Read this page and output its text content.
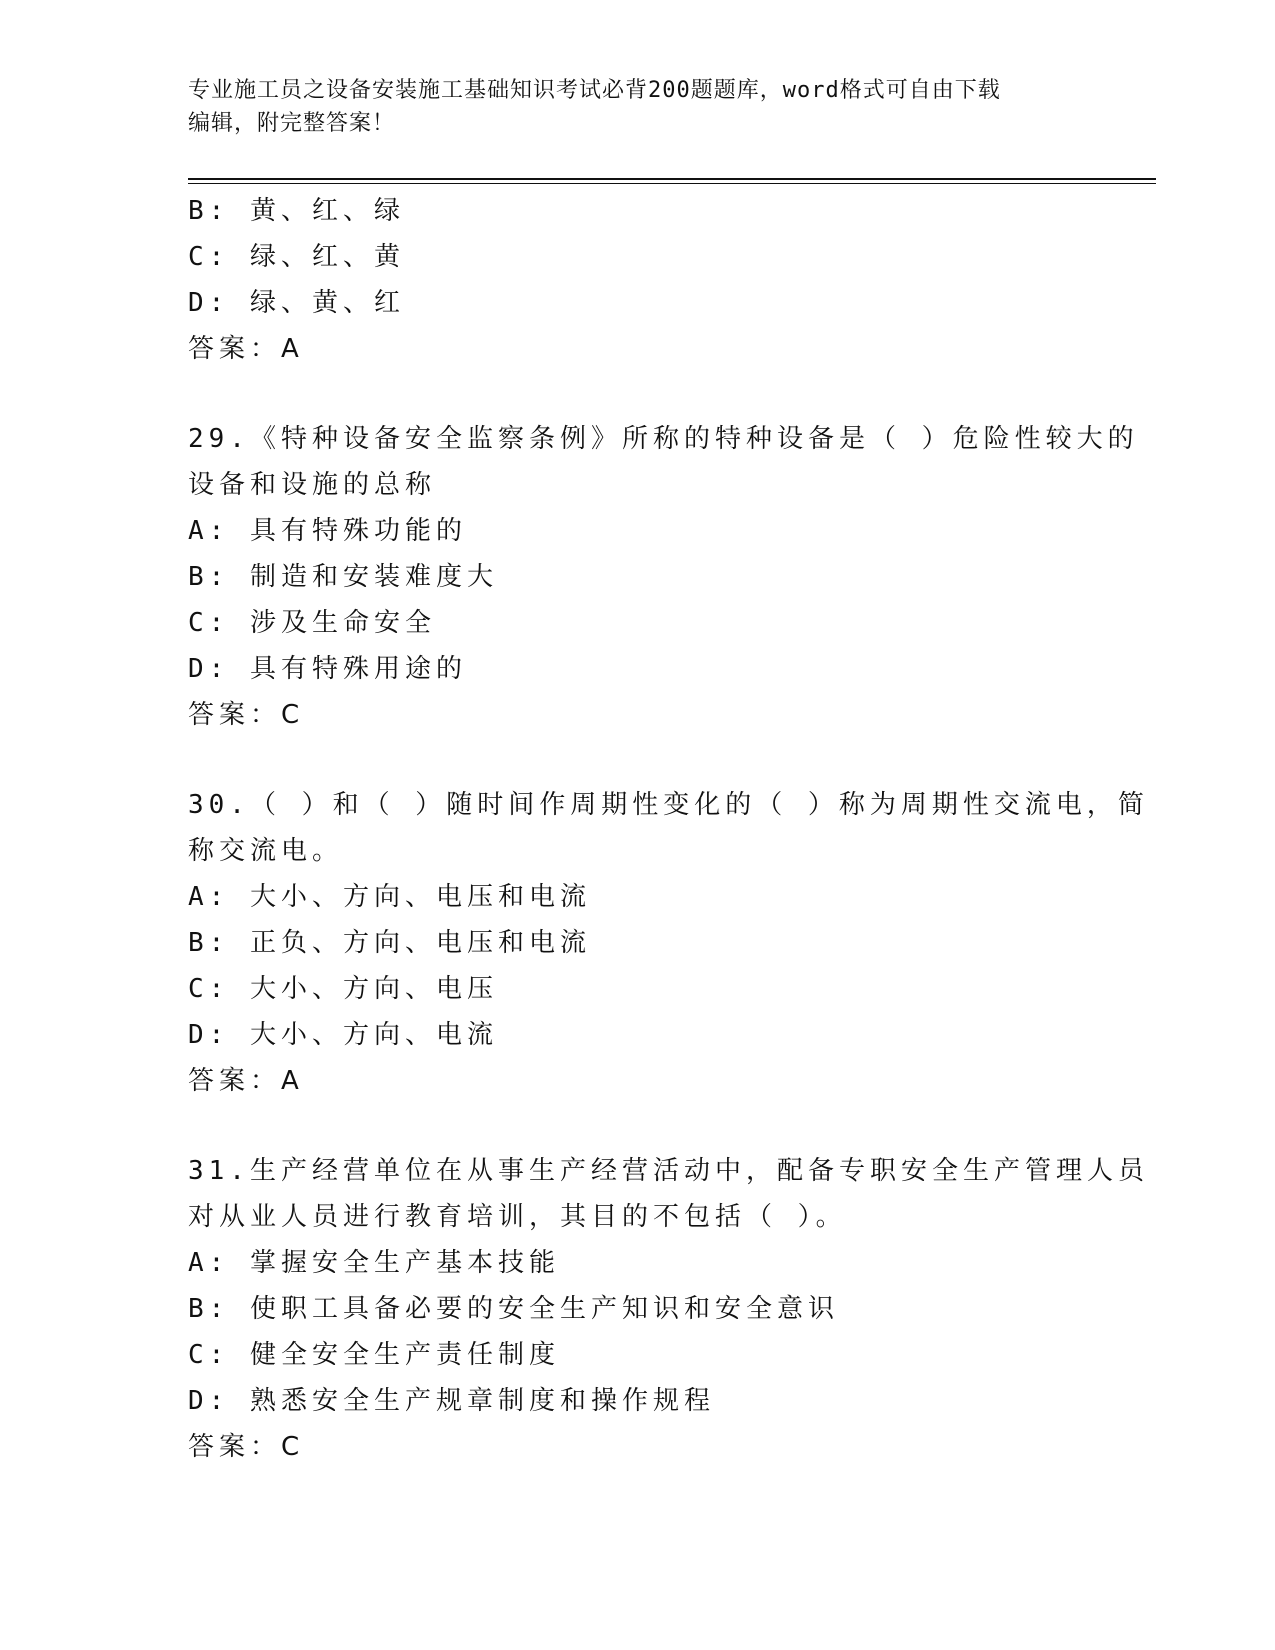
专业施工员之设备安装施工基础知识考试必背200题题库，word格式可自由下载
编辑，附完整答案！
B: 黄、红、绿
C: 绿、红、黄
D: 绿、黄、红
答案：A
29.《特种设备安全监察条例》所称的特种设备是（ ）危险性较大的
设备和设施的总称
A: 具有特殊功能的
B: 制造和安装难度大
C: 涉及生命安全
D: 具有特殊用途的
答案：C
30.（ ）和（ ）随时间作周期性变化的（ ）称为周期性交流电，简
称交流电。
A: 大小、方向、电压和电流
B: 正负、方向、电压和电流
C: 大小、方向、电压
D: 大小、方向、电流
答案：A
31.生产经营单位在从事生产经营活动中，配备专职安全生产管理人员
对从业人员进行教育培训，其目的不包括（ ）。
A: 掌握安全生产基本技能
B: 使职工具备必要的安全生产知识和安全意识
C: 健全安全生产责任制度
D: 熟悉安全生产规章制度和操作规程
答案：C
